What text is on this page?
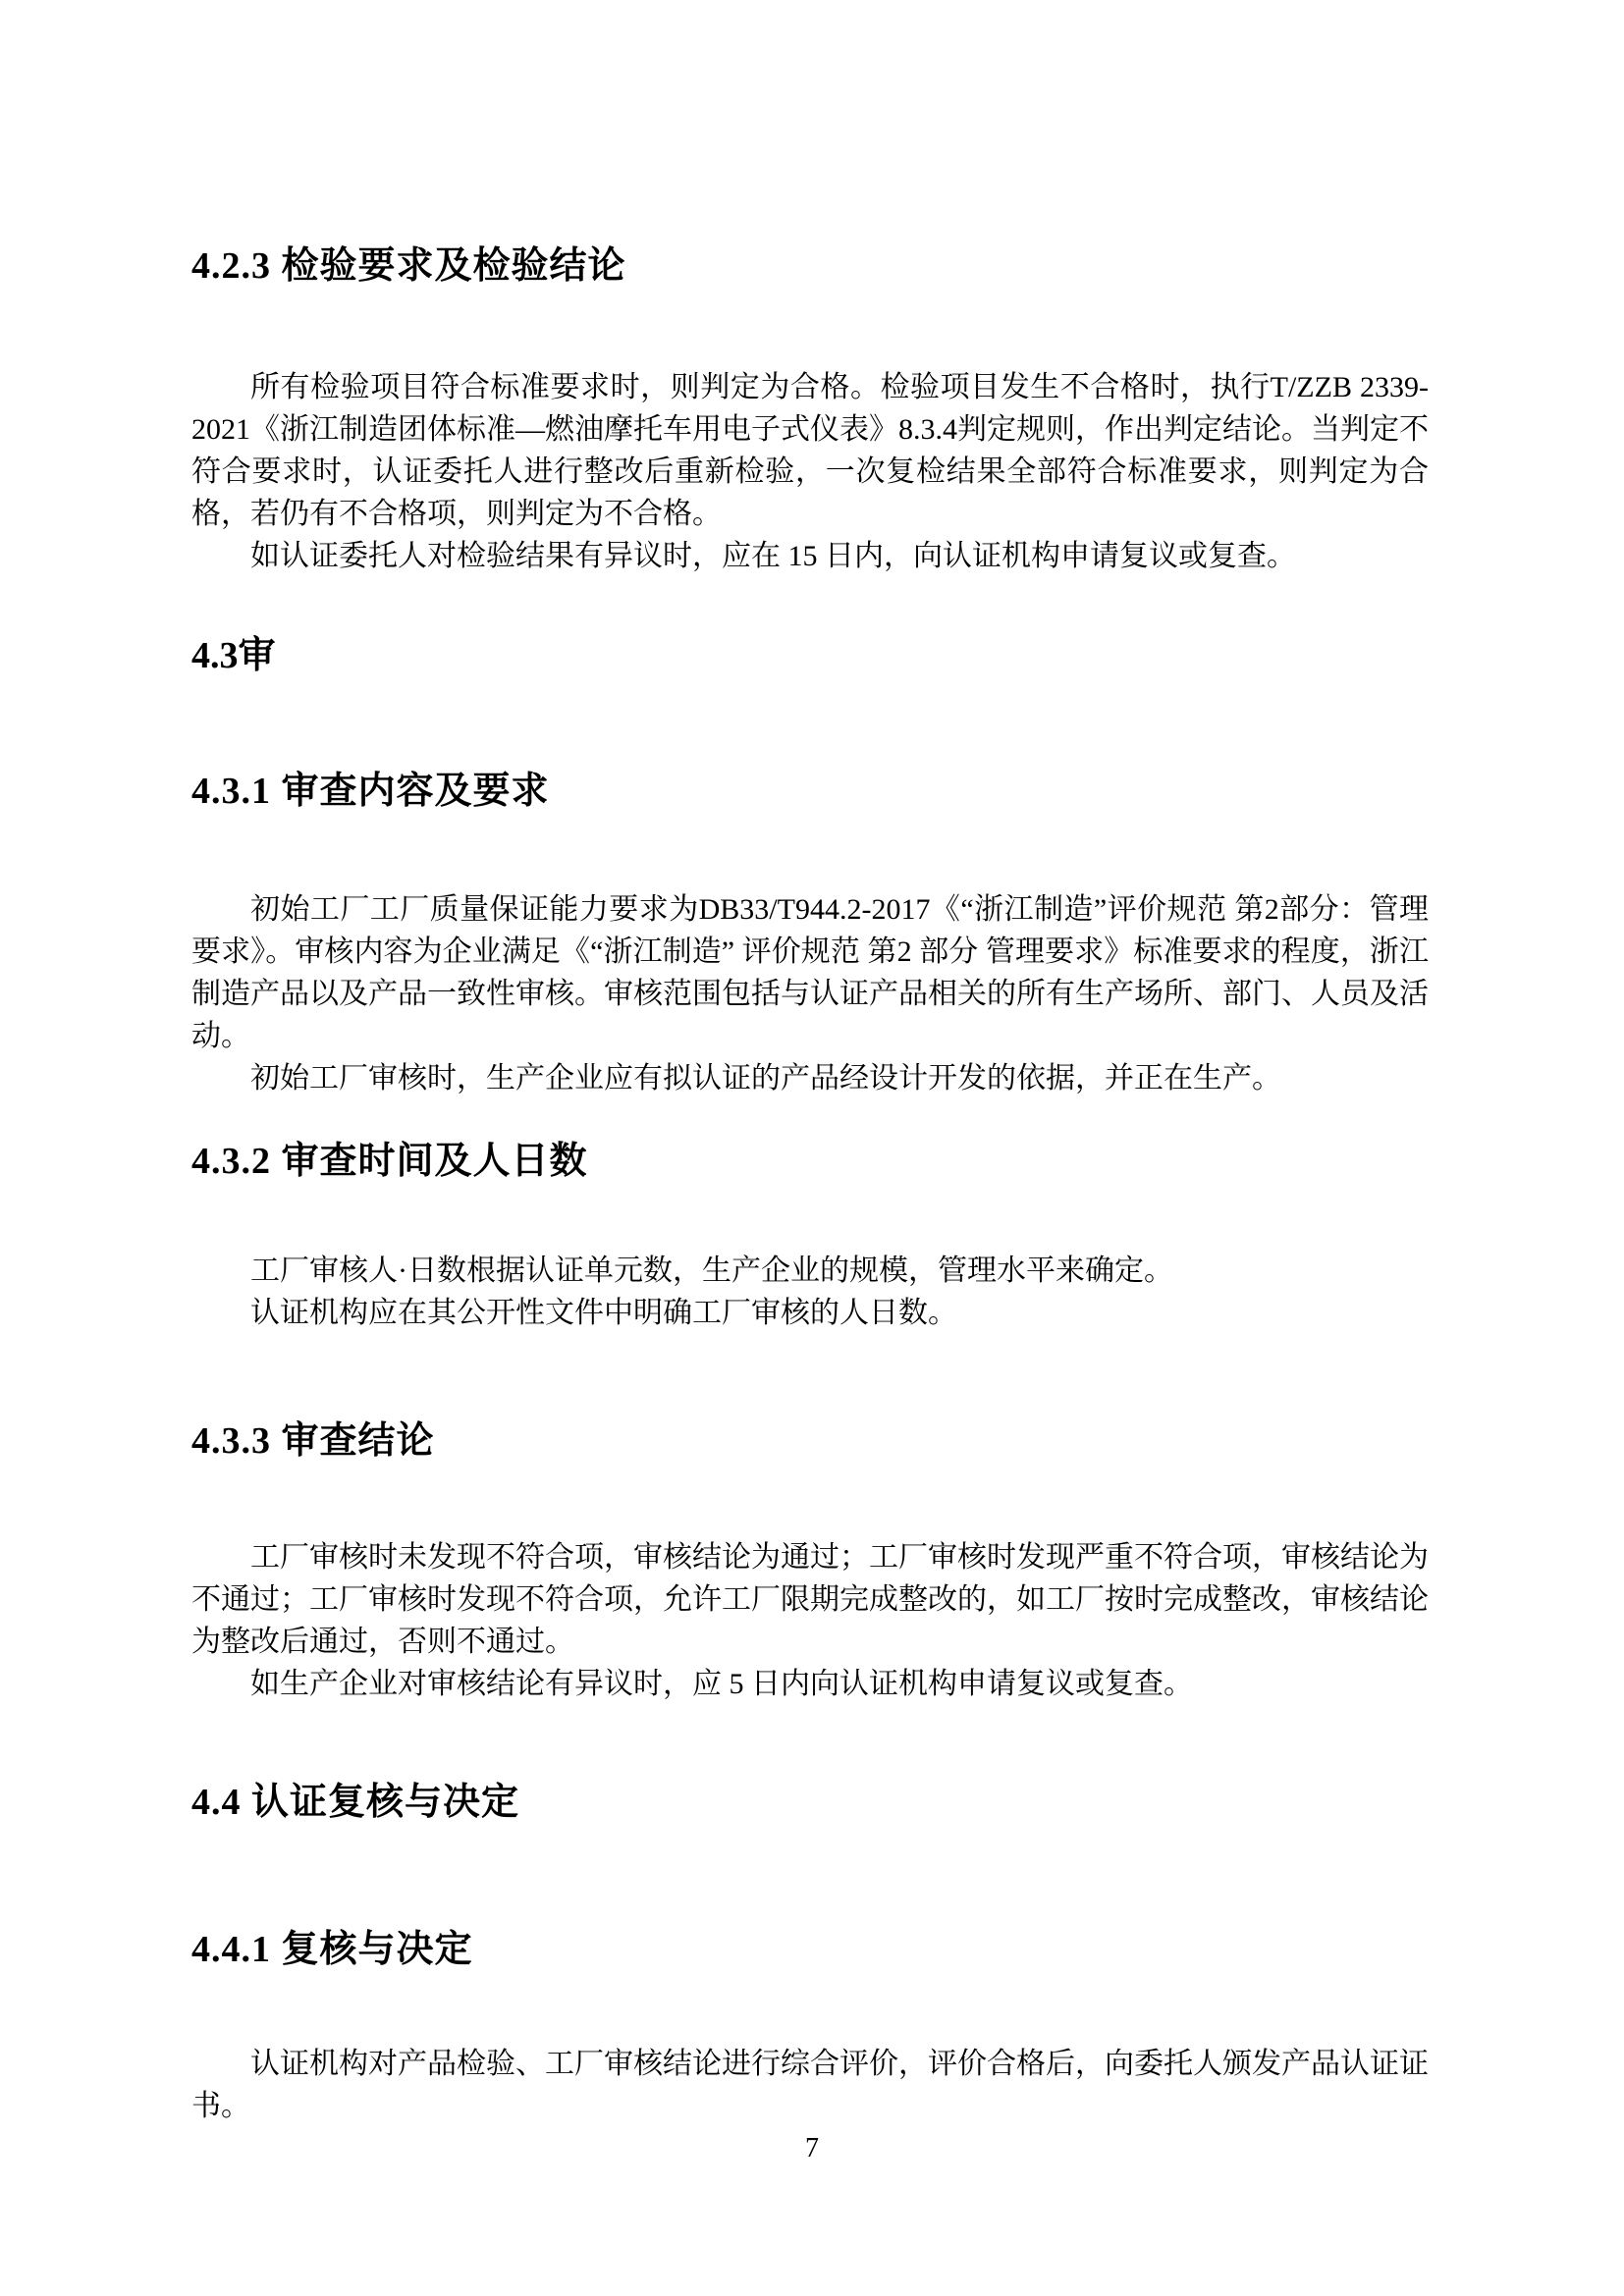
4.2.3 检验要求及检验结论

所有检验项目符合标准要求时，则判定为合格。检验项目发生不合格时，执行T/ZZB 2339-2021《浙江制造团体标准—燃油摩托车用电子式仪表》8.3.4判定规则，作出判定结论。当判定不符合要求时，认证委托人进行整改后重新检验，一次复检结果全部符合标准要求，则判定为合格，若仍有不合格项，则判定为不合格。

如认证委托人对检验结果有异议时，应在 15 日内，向认证机构申请复议或复查。

4.3审
4.3.1 审查内容及要求

初始工厂工厂质量保证能力要求为DB33/T944.2-2017《“浙江制造”评价规范 第2部分：管理要求》。审核内容为企业满足《“浙江制造” 评价规范 第2 部分 管理要求》标准要求的程度，浙江制造产品以及产品一致性审核。审核范围包括与认证产品相关的所有生产场所、部门、人员及活动。

初始工厂审核时，生产企业应有拟认证的产品经设计开发的依据，并正在生产。

4.3.2 审查时间及人日数

工厂审核人·日数根据认证单元数，生产企业的规模，管理水平来确定。

认证机构应在其公开性文件中明确工厂审核的人日数。

4.3.3 审查结论

工厂审核时未发现不符合项，审核结论为通过；工厂审核时发现严重不符合项，审核结论为不通过；工厂审核时发现不符合项，允许工厂限期完成整改的，如工厂按时完成整改，审核结论为整改后通过，否则不通过。

如生产企业对审核结论有异议时，应 5 日内向认证机构申请复议或复查。

4.4 认证复核与决定
4.4.1 复核与决定

认证机构对产品检验、工厂审核结论进行综合评价，评价合格后，向委托人颁发产品认证证书。

7
